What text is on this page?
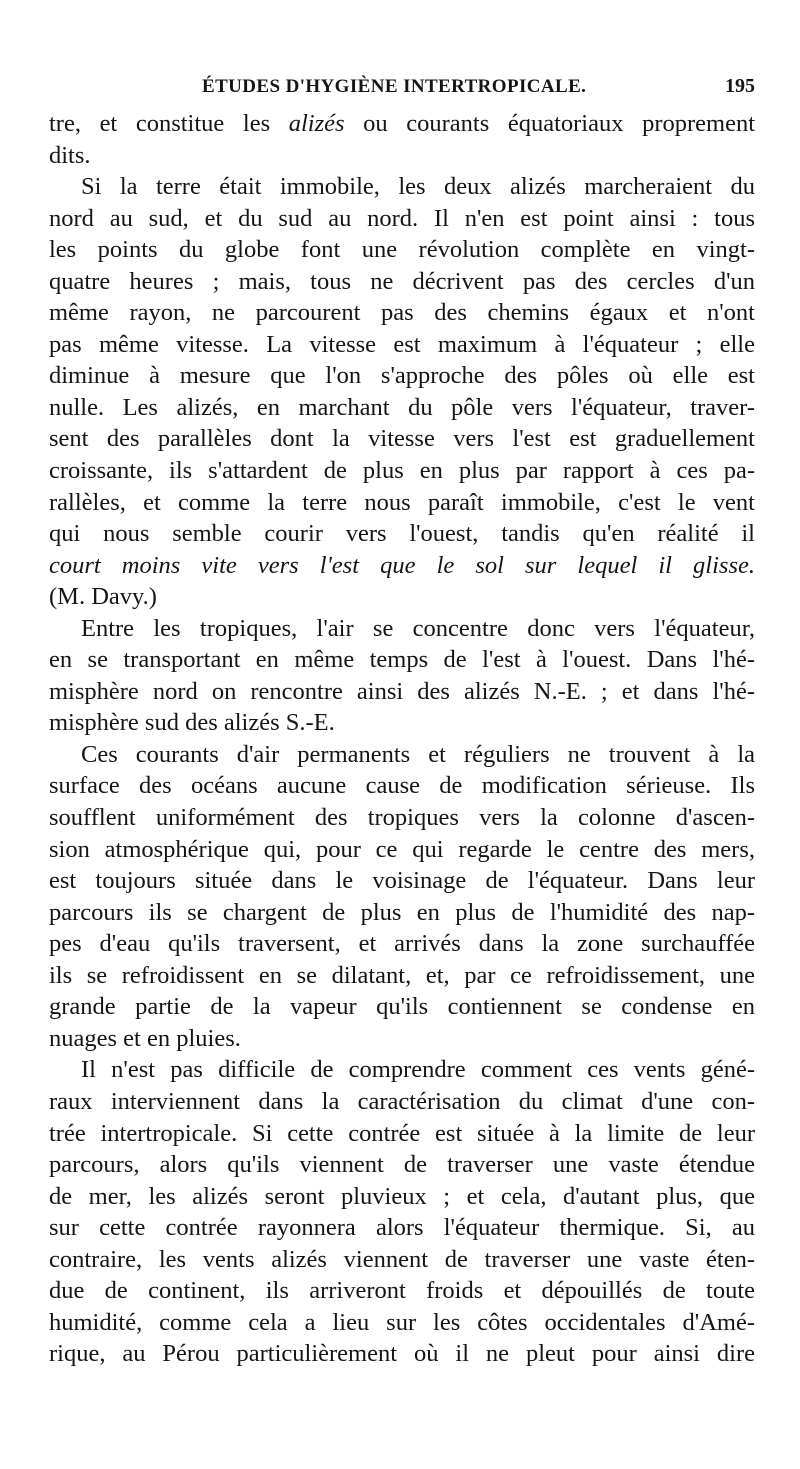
ÉTUDES D'HYGIÈNE INTERTROPICALE.	195
tre, et constitue les alizés ou courants équatoriaux proprement
dits.
Si la terre était immobile, les deux alizés marcheraient du
nord au sud, et du sud au nord. Il n'en est point ainsi : tous
les points du globe font une révolution complète en vingt-
quatre heures ; mais, tous ne décrivent pas des cercles d'un
même rayon, ne parcourent pas des chemins égaux et n'ont
pas même vitesse. La vitesse est maximum à l'équateur ; elle
diminue à mesure que l'on s'approche des pôles où elle est
nulle. Les alizés, en marchant du pôle vers l'équateur, traver-
sent des parallèles dont la vitesse vers l'est est graduellement
croissante, ils s'attardent de plus en plus par rapport à ces pa-
rallèles, et comme la terre nous paraît immobile, c'est le vent
qui nous semble courir vers l'ouest, tandis qu'en réalité il
court moins vite vers l'est que le sol sur lequel il glisse.
(M. Davy.)
Entre les tropiques, l'air se concentre donc vers l'équateur,
en se transportant en même temps de l'est à l'ouest. Dans l'hé-
misphère nord on rencontre ainsi des alizés N.-E. ; et dans l'hé-
misphère sud des alizés S.-E.
Ces courants d'air permanents et réguliers ne trouvent à la
surface des océans aucune cause de modification sérieuse. Ils
soufflent uniformément des tropiques vers la colonne d'ascen-
sion atmosphérique qui, pour ce qui regarde le centre des mers,
est toujours située dans le voisinage de l'équateur. Dans leur
parcours ils se chargent de plus en plus de l'humidité des nap-
pes d'eau qu'ils traversent, et arrivés dans la zone surchauffée
ils se refroidissent en se dilatant, et, par ce refroidissement, une
grande partie de la vapeur qu'ils contiennent se condense en
nuages et en pluies.
Il n'est pas difficile de comprendre comment ces vents géné-
raux interviennent dans la caractérisation du climat d'une con-
trée intertropicale. Si cette contrée est située à la limite de leur
parcours, alors qu'ils viennent de traverser une vaste étendue
de mer, les alizés seront pluvieux ; et cela, d'autant plus, que
sur cette contrée rayonnera alors l'équateur thermique. Si, au
contraire, les vents alizés viennent de traverser une vaste éten-
due de continent, ils arriveront froids et dépouillés de toute
humidité, comme cela a lieu sur les côtes occidentales d'Amé-
rique, au Pérou particulièrement où il ne pleut pour ainsi dire
